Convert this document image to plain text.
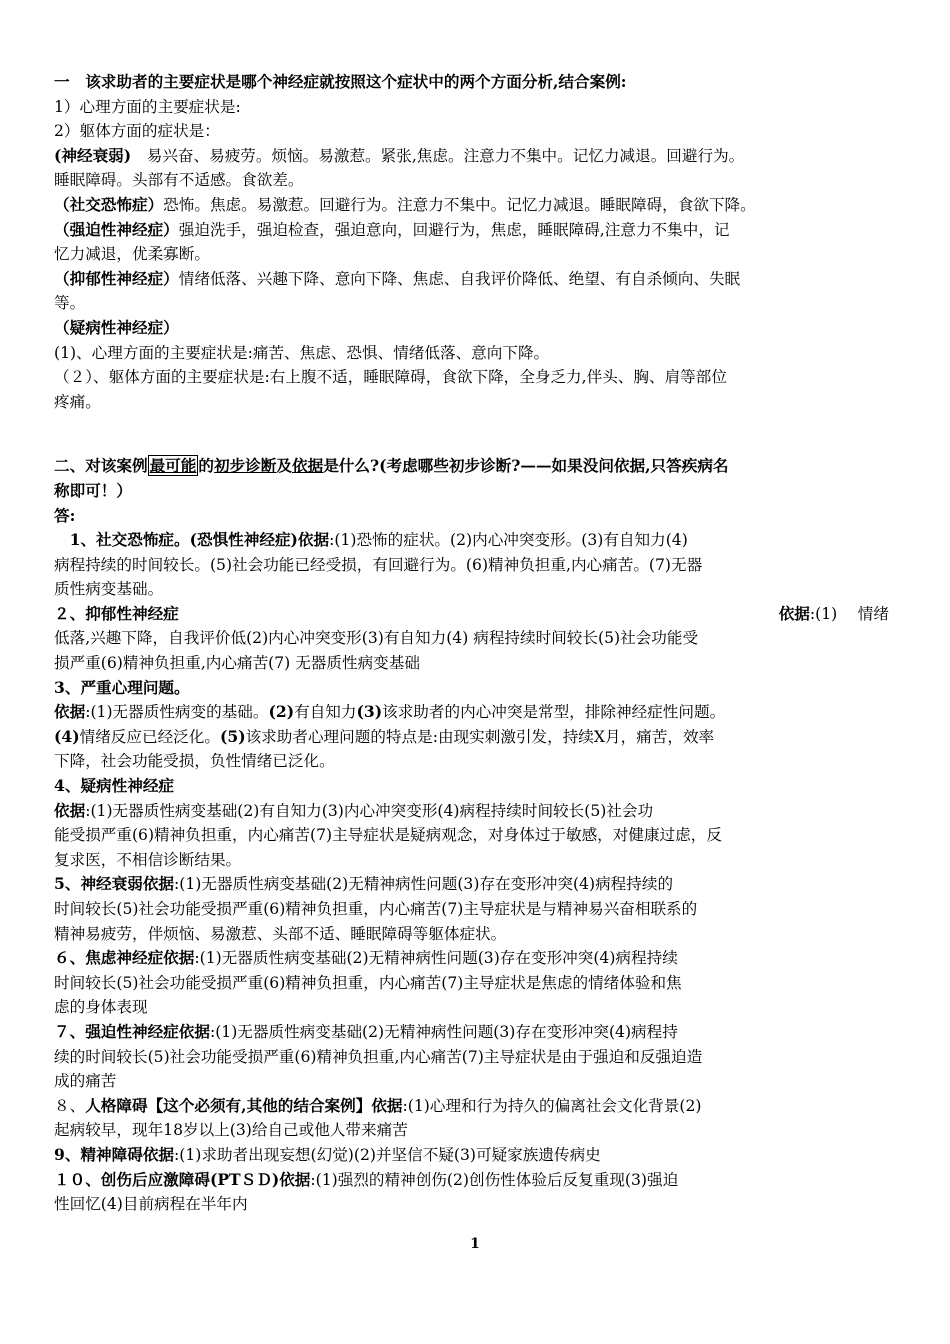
一　该求助者的主要症状是哪个神经症就按照这个症状中的两个方面分析,结合案例:
1）心理方面的主要症状是:
2）躯体方面的症状是：
(神经衰弱)　易兴奋、易疲劳。烦恼。易激惹。紧张,焦虑。注意力不集中。记忆力减退。回避行为。
睡眠障碍。头部有不适感。食欲差。
（社交恐怖症）恐怖。焦虑。易激惹。回避行为。注意力不集中。记忆力减退。睡眠障碍，食欲下降。
（强迫性神经症）强迫洗手，强迫检查，强迫意向，回避行为，焦虑，睡眠障碍,注意力不集中，记
忆力减退，优柔寡断。
（抑郁性神经症）情绪低落、兴趣下降、意向下降、焦虑、自我评价降低、绝望、有自杀倾向、失眠
等。
（疑病性神经症）
(1)、心理方面的主要症状是:痛苦、焦虑、恐惧、情绪低落、意向下降。
（２）、躯体方面的主要症状是:右上腹不适，睡眠障碍，食欲下降，全身乏力,伴头、胸、肩等部位
疼痛。
二、对该案例 最可能 的初步诊断及依据是什么?(考虑哪些初步诊断?——如果没问依据,只答疾病名
称即可！）
答:
　1、社交恐怖症。(恐惧性神经症)依据:(1)恐怖的症状。(2)内心冲突变形。(3)有自知力(4)
病程持续的时间较长。(5)社会功能已经受损，有回避行为。(6)精神负担重,内心痛苦。(7)无器
质性病变基础。
２、抑郁性神经症	依据:(1)　 情绪
低落,兴趣下降，自我评价低(2)内心冲突变形(3)有自知力(4) 病程持续时间较长(5)社会功能受
损严重(6)精神负担重,内心痛苦(7) 无器质性病变基础
3、严重心理问题。
依据:(1)无器质性病变的基础。(2)有自知力(3)该求助者的内心冲突是常型，排除神经症性问题。
(4)情绪反应已经泛化。(5)该求助者心理问题的特点是:由现实刺激引发，持续X月，痛苦，效率
下降，社会功能受损，负性情绪已泛化。
4、疑病性神经症
依据:(1)无器质性病变基础(2)有自知力(3)内心冲突变形(4)病程持续时间较长(5)社会功
能受损严重(6)精神负担重，内心痛苦(7)主导症状是疑病观念，对身体过于敏感，对健康过虑，反
复求医，不相信诊断结果。
5、神经衰弱依据:(1)无器质性病变基础(2)无精神病性问题(3)存在变形冲突(4)病程持续的
时间较长(5)社会功能受损严重(6)精神负担重，内心痛苦(7)主导症状是与精神易兴奋相联系的
精神易疲劳，伴烦恼、易激惹、头部不适、睡眠障碍等躯体症状。
６、焦虑神经症依据:(1)无器质性病变基础(2)无精神病性问题(3)存在变形冲突(4)病程持续
时间较长(5)社会功能受损严重(6)精神负担重，内心痛苦(7)主导症状是焦虑的情绪体验和焦
虑的身体表现
７、强迫性神经症依据:(1)无器质性病变基础(2)无精神病性问题(3)存在变形冲突(4)病程持
续的时间较长(5)社会功能受损严重(6)精神负担重,内心痛苦(7)主导症状是由于强迫和反强迫造
成的痛苦
８、人格障碍【这个必须有,其他的结合案例】依据:(1)心理和行为持久的偏离社会文化背景(2)
起病较早，现年18岁以上(3)给自己或他人带来痛苦
9、精神障碍依据:(1)求助者出现妄想(幻觉)(2)并坚信不疑(3)可疑家族遗传病史
１０、创伤后应激障碍(PTＳＤ)依据:(1)强烈的精神创伤(2)创伤性体验后反复重现(3)强迫
性回忆(4)目前病程在半年内
1
